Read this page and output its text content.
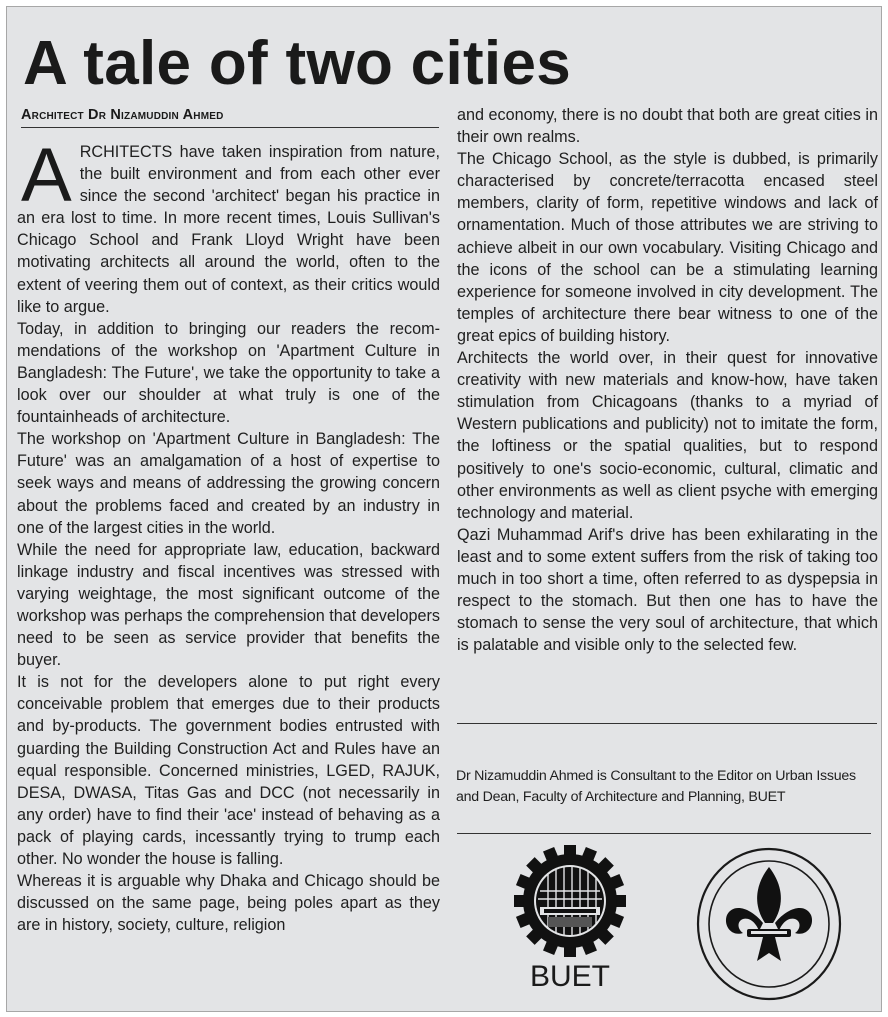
A tale of two cities
Architect Dr Nizamuddin Ahmed

ARCHITECTS have taken inspiration from nature, the built environment and from each other ever since the second 'architect' began his practice in an era lost to time. In more recent times, Louis Sullivan's Chicago School and Frank Lloyd Wright have been motivating architects all around the world, often to the extent of veering them out of context, as their critics would like to argue.

Today, in addition to bringing our readers the recommendations of the workshop on 'Apartment Culture in Bangladesh: The Future', we take the opportunity to take a look over our shoulder at what truly is one of the fountainheads of architecture.

The workshop on 'Apartment Culture in Bangladesh: The Future' was an amalgamation of a host of expertise to seek ways and means of addressing the growing concern about the problems faced and created by an industry in one of the largest cities in the world.

While the need for appropriate law, education, backward linkage industry and fiscal incentives was stressed with varying weightage, the most significant outcome of the workshop was perhaps the comprehension that developers need to be seen as service provider that benefits the buyer.

It is not for the developers alone to put right every conceivable problem that emerges due to their products and by-products. The government bodies entrusted with guarding the Building Construction Act and Rules have an equal responsible. Concerned ministries, LGED, RAJUK, DESA, DWASA, Titas Gas and DCC (not necessarily in any order) have to find their 'ace' instead of behaving as a pack of playing cards, incessantly trying to trump each other. No wonder the house is falling.

Whereas it is arguable why Dhaka and Chicago should be discussed on the same page, being poles apart as they are in history, society, culture, religion

and economy, there is no doubt that both are great cities in their own realms.

The Chicago School, as the style is dubbed, is primarily characterised by concrete/terracotta encased steel members, clarity of form, repetitive windows and lack of ornamentation. Much of those attributes we are striving to achieve albeit in our own vocabulary. Visiting Chicago and the icons of the school can be a stimulating learning experience for someone involved in city development. The temples of architecture there bear witness to one of the great epics of building history.

Architects the world over, in their quest for innovative creativity with new materials and know-how, have taken stimulation from Chicagoans (thanks to a myriad of Western publications and publicity) not to imitate the form, the loftiness or the spatial qualities, but to respond positively to one's socio-economic, cultural, climatic and other environments as well as client psyche with emerging technology and material.

Qazi Muhammad Arif's drive has been exhilarating in the least and to some extent suffers from the risk of taking too much in too short a time, often referred to as dyspepsia in respect to the stomach. But then one has to have the stomach to sense the very soul of architecture, that which is palatable and visible only to the selected few.

Dr Nizamuddin Ahmed is Consultant to the Editor on Urban Issues and Dean, Faculty of Architecture and Planning, BUET
BUET
